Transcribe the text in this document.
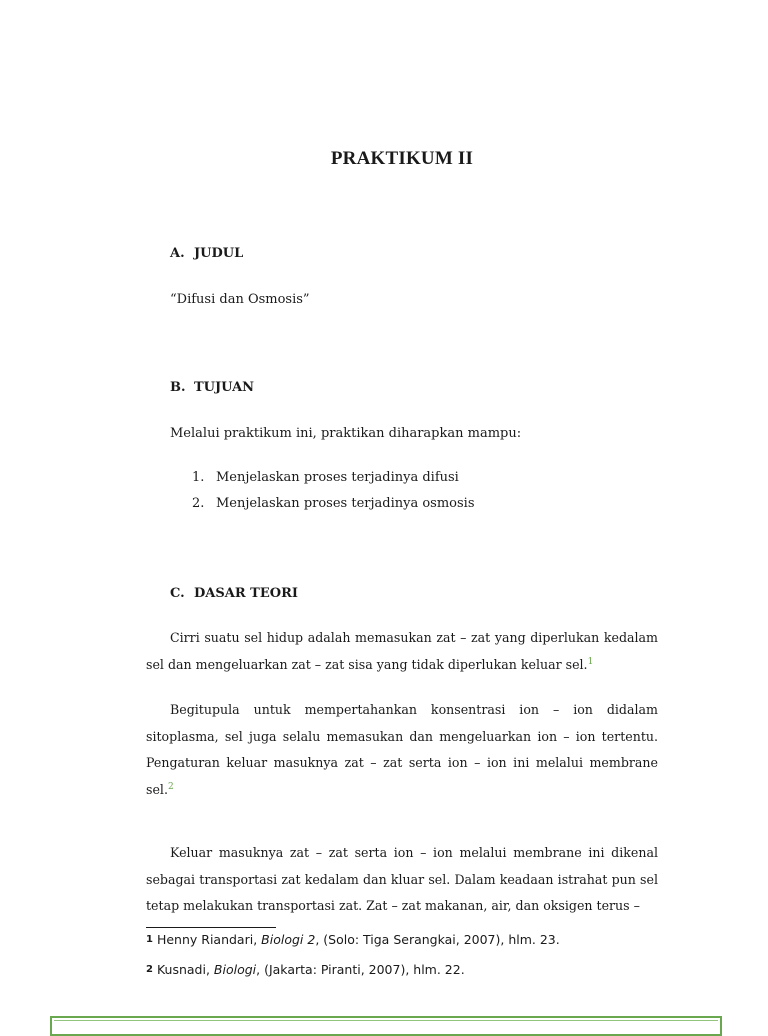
PRAKTIKUM II
A. JUDUL
“Difusi dan Osmosis”
B. TUJUAN
Melalui praktikum ini, praktikan diharapkan mampu:
1. Menjelaskan proses terjadinya difusi
2. Menjelaskan proses terjadinya osmosis
C. DASAR TEORI
Cirri suatu sel hidup adalah memasukan zat – zat yang diperlukan kedalam sel dan mengeluarkan zat – zat sisa yang tidak diperlukan keluar sel.$^1$
Begitupula untuk mempertahankan konsentrasi ion – ion didalam sitoplasma, sel juga selalu memasukan dan mengeluarkan ion – ion tertentu. Pengaturan keluar masuknya zat – zat serta ion – ion ini melalui membrane sel.$^2$
Keluar masuknya zat – zat serta ion – ion melalui membrane ini dikenal sebagai transportasi zat kedalam dan kluar sel. Dalam keadaan istrahat pun sel tetap melakukan transportasi zat. Zat – zat makanan, air, dan oksigen terus –
1 Henny Riandari, Biologi 2, (Solo: Tiga Serangkai, 2007), hlm. 23.
2 Kusnadi, Biologi, (Jakarta: Piranti, 2007), hlm. 22.
